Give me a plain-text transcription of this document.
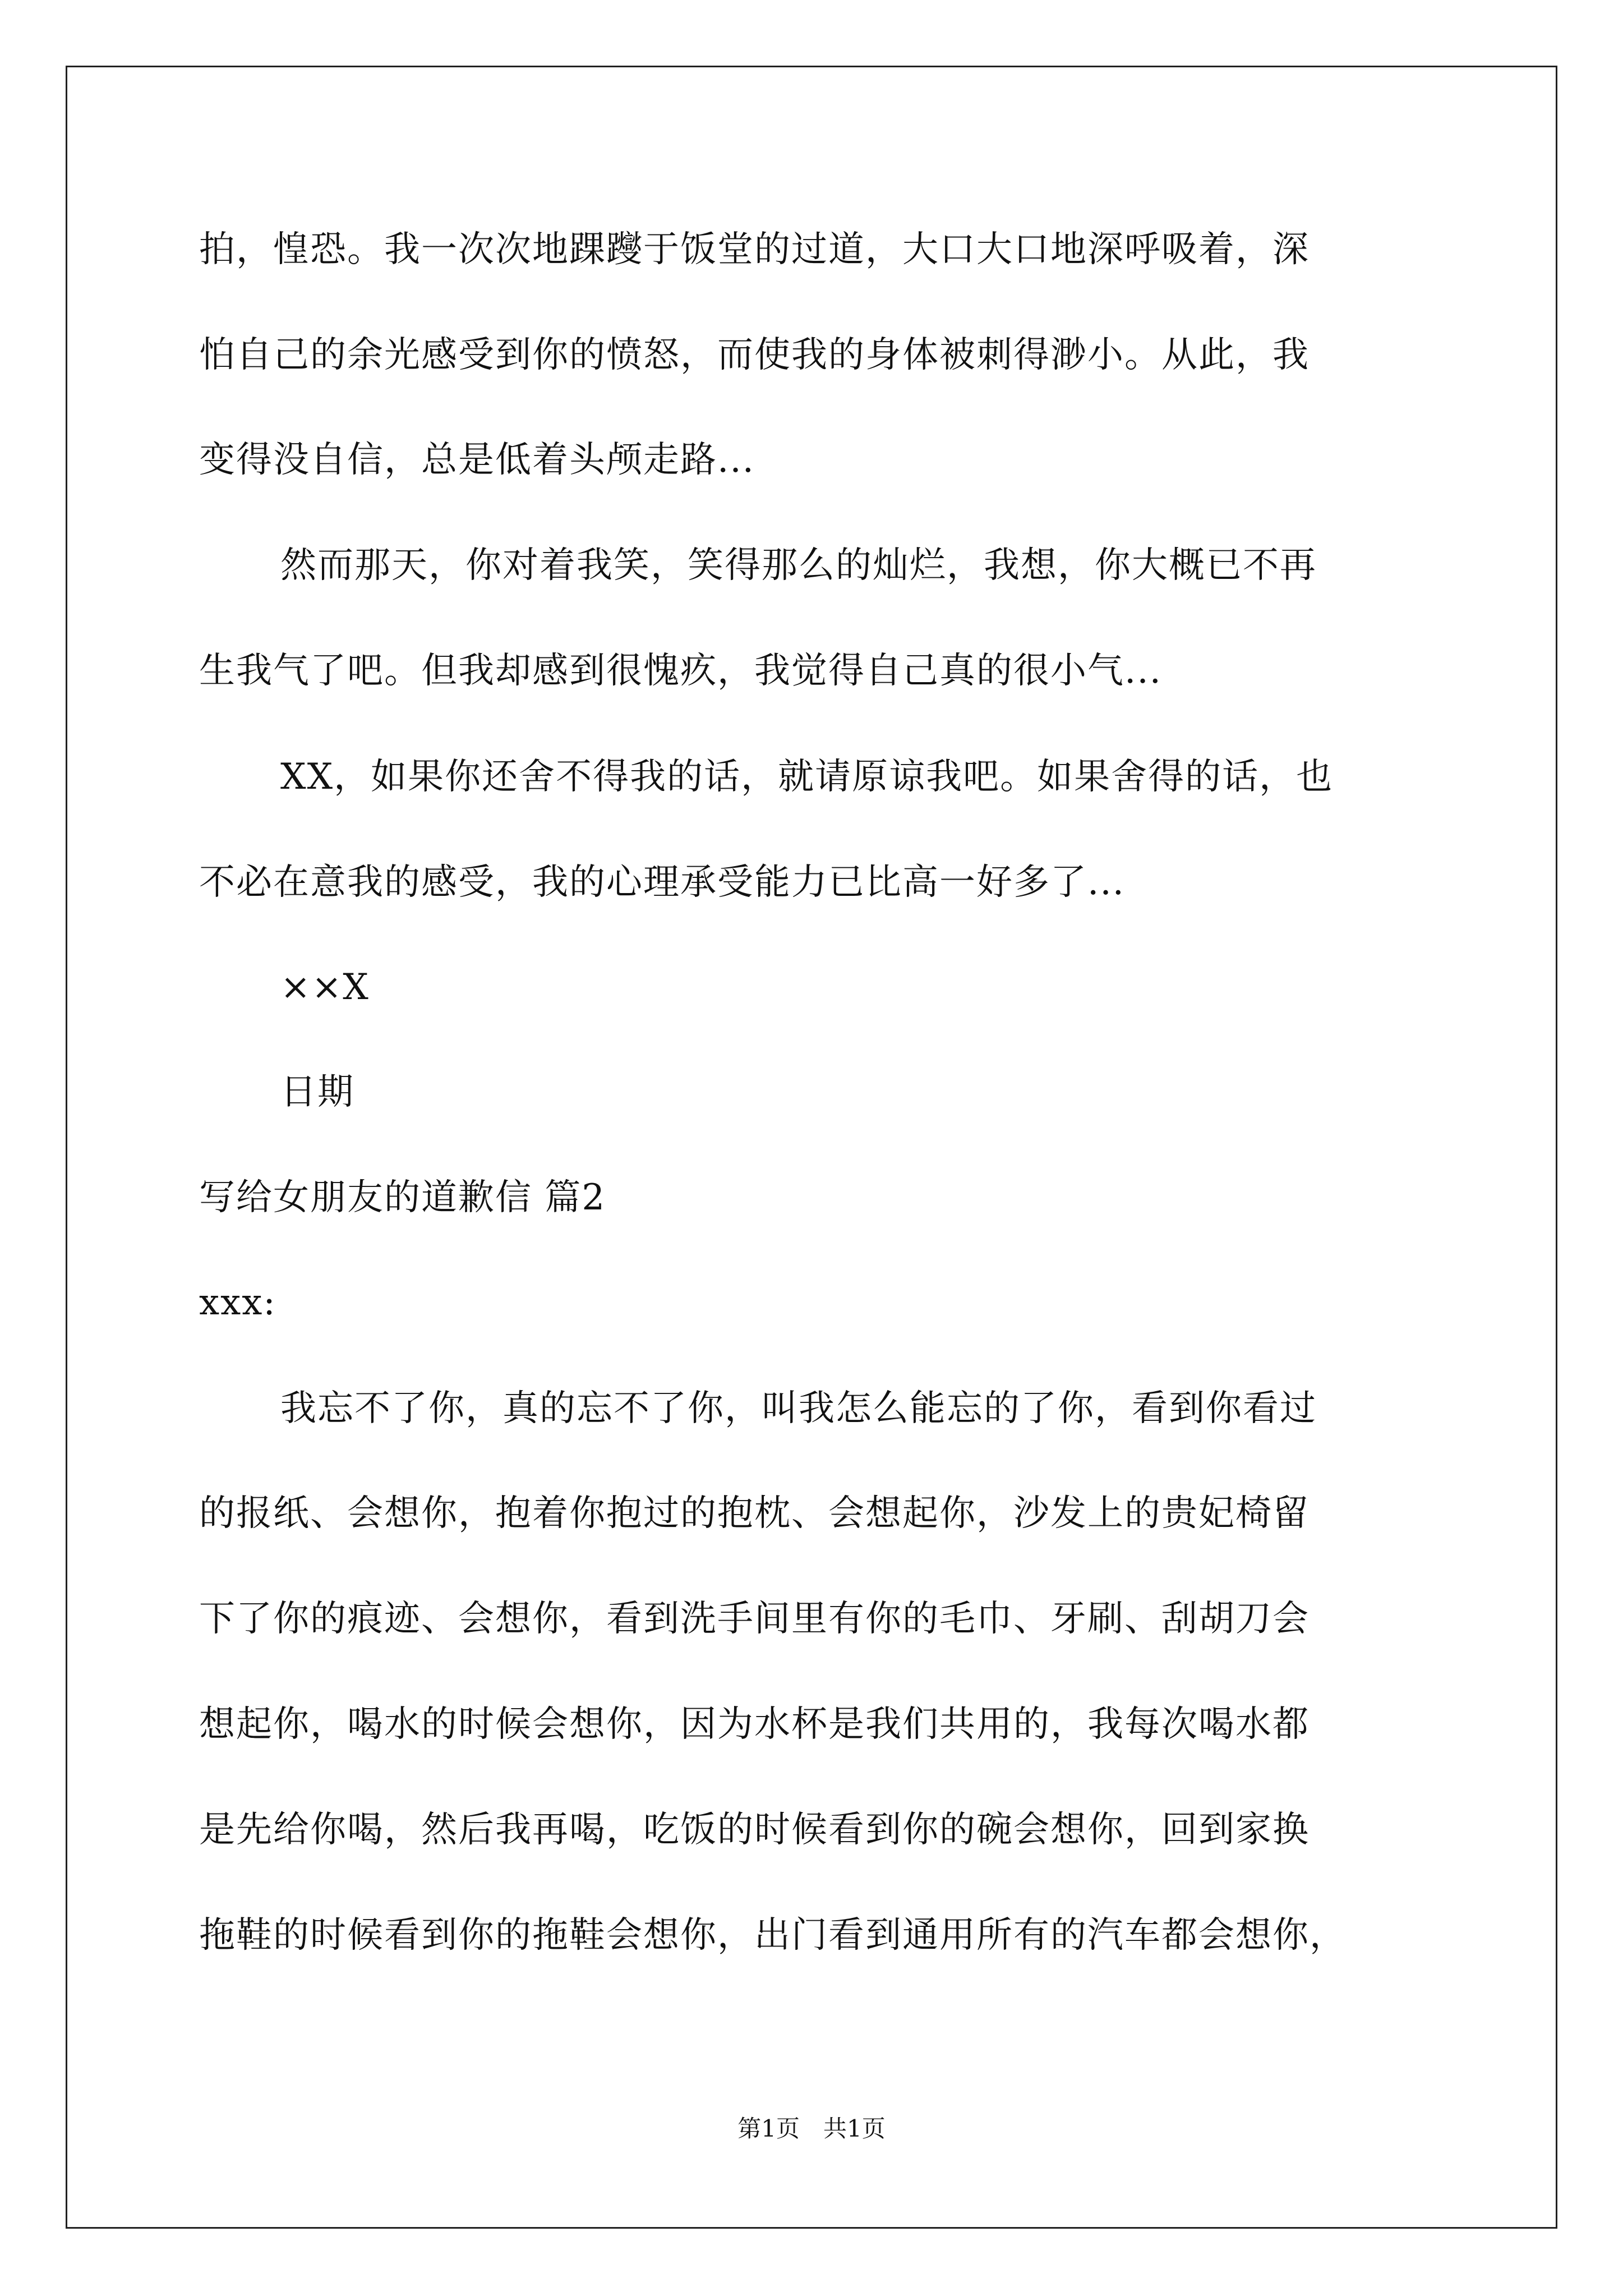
拍，惶恐。我一次次地踝躞于饭堂的过道，大口大口地深呼吸着，深
怕自己的余光感受到你的愤怒，而使我的身体被刺得渺小。从此，我
变得没自信，总是低着头颅走路...
然而那天，你对着我笑，笑得那么的灿烂，我想，你大概已不再
生我气了吧。但我却感到很愧疚，我觉得自己真的很小气...
XX，如果你还舍不得我的话，就请原谅我吧。如果舍得的话，也
不必在意我的感受，我的心理承受能力已比高一好多了...
××X
日期
写给女朋友的道歉信 篇2
xxx:
我忘不了你，真的忘不了你，叫我怎么能忘的了你，看到你看过
的报纸、会想你，抱着你抱过的抱枕、会想起你，沙发上的贵妃椅留
下了你的痕迹、会想你，看到洗手间里有你的毛巾、牙刷、刮胡刀会
想起你，喝水的时候会想你，因为水杯是我们共用的，我每次喝水都
是先给你喝，然后我再喝，吃饭的时候看到你的碗会想你，回到家换
拖鞋的时候看到你的拖鞋会想你，出门看到通用所有的汽车都会想你，
第1页　共1页
